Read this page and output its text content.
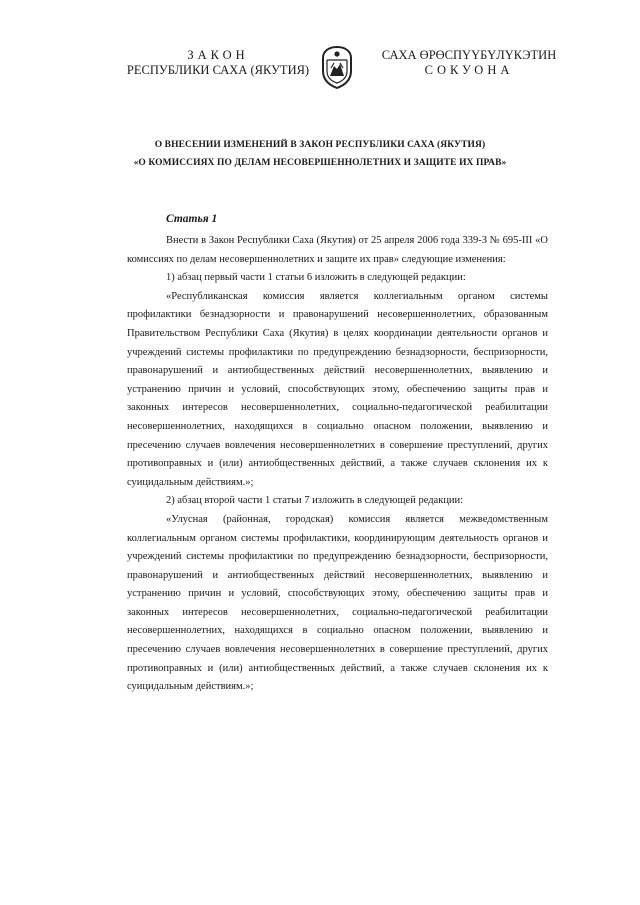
ЗАКОН
РЕСПУБЛИКИ САХА (ЯКУТИЯ)
САХА ӨРӨСПҮҮБҮЛҮКЭТИН
СОКУОНА
О ВНЕСЕНИИ ИЗМЕНЕНИЙ В ЗАКОН РЕСПУБЛИКИ САХА (ЯКУТИЯ)
«О КОМИССИЯХ ПО ДЕЛАМ НЕСОВЕРШЕННОЛЕТНИХ И ЗАЩИТЕ ИХ ПРАВ»
Статья 1

Внести в Закон Республики Саха (Якутия) от 25 апреля 2006 года 339-З № 695-III «О комиссиях по делам несовершеннолетних и защите их прав» следующие изменения:

1) абзац первый части 1 статьи 6 изложить в следующей редакции:

«Республиканская комиссия является коллегиальным органом системы профилактики безнадзорности и правонарушений несовершеннолетних, образованным Правительством Республики Саха (Якутия) в целях координации деятельности органов и учреждений системы профилактики по предупреждению безнадзорности, беспризорности, правонарушений и антиобщественных действий несовершеннолетних, выявлению и устранению причин и условий, способствующих этому, обеспечению защиты прав и законных интересов несовершеннолетних, социально-педагогической реабилитации несовершеннолетних, находящихся в социально опасном положении, выявлению и пресечению случаев вовлечения несовершеннолетних в совершение преступлений, других противоправных и (или) антиобщественных действий, а также случаев склонения их к суицидальным действиям.»;

2) абзац второй части 1 статьи 7 изложить в следующей редакции:

«Улусная (районная, городская) комиссия является межведомственным коллегиальным органом системы профилактики, координирующим деятельность органов и учреждений системы профилактики по предупреждению безнадзорности, беспризорности, правонарушений и антиобщественных действий несовершеннолетних, выявлению и устранению причин и условий, способствующих этому, обеспечению защиты прав и законных интересов несовершеннолетних, социально-педагогической реабилитации несовершеннолетних, находящихся в социально опасном положении, выявлению и пресечению случаев вовлечения несовершеннолетних в совершение преступлений, других противоправных и (или) антиобщественных действий, а также случаев склонения их к суицидальным действиям.»;
